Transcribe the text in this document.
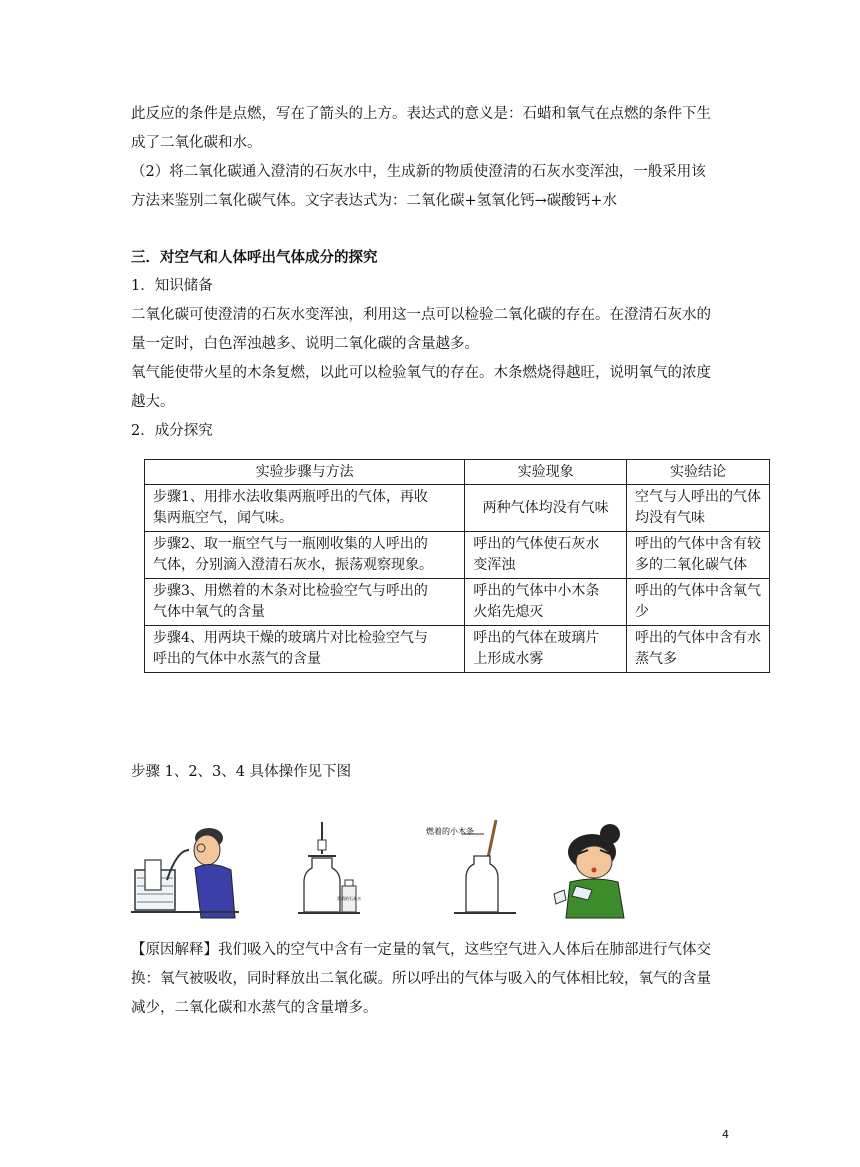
此反应的条件是点燃，写在了箭头的上方。表达式的意义是：石蜡和氧气在点燃的条件下生
成了二氧化碳和水。
（2）将二氧化碳通入澄清的石灰水中，生成新的物质使澄清的石灰水变浑浊，一般采用该
方法来鉴别二氧化碳气体。文字表达式为：二氧化碳+氢氧化钙→碳酸钙+水

三．对空气和人体呼出气体成分的探究
1．知识储备
二氧化碳可使澄清的石灰水变浑浊，利用这一点可以检验二氧化碳的存在。在澄清石灰水的
量一定时，白色浑浊越多、说明二氧化碳的含量越多。
氧气能使带火星的木条复燃，以此可以检验氧气的存在。木条燃烧得越旺，说明氧气的浓度
越大。
2．成分探究

实验步骤与方法	实验现象	实验结论

步骤1、用排水法收集两瓶呼出的气体，再收
集两瓶空气，闻气味。	两种气体均没有气味	空气与人呼出的气体
均没有气味

步骤2、取一瓶空气与一瓶刚收集的人呼出的
气体，分别滴入澄清石灰水，振荡观察现象。	呼出的气体使石灰水
变浑浊	呼出的气体中含有较
多的二氧化碳气体

步骤3、用燃着的木条对比检验空气与呼出的
气体中氧气的含量	呼出的气体中小木条
火焰先熄灭	呼出的气体中含氧气
少

步骤4、用两块干燥的玻璃片对比检验空气与
呼出的气体中水蒸气的含量	呼出的气体在玻璃片
上形成水雾	呼出的气体中含有水
蒸气多

步骤 1、2、3、4 具体操作见下图

澄清的石灰水
燃着的小木条

【原因解释】我们吸入的空气中含有一定量的氧气，这些空气进入人体后在肺部进行气体交
换：氧气被吸收，同时释放出二氧化碳。所以呼出的气体与吸入的气体相比较，氧气的含量
减少，二氧化碳和水蒸气的含量增多。

4
